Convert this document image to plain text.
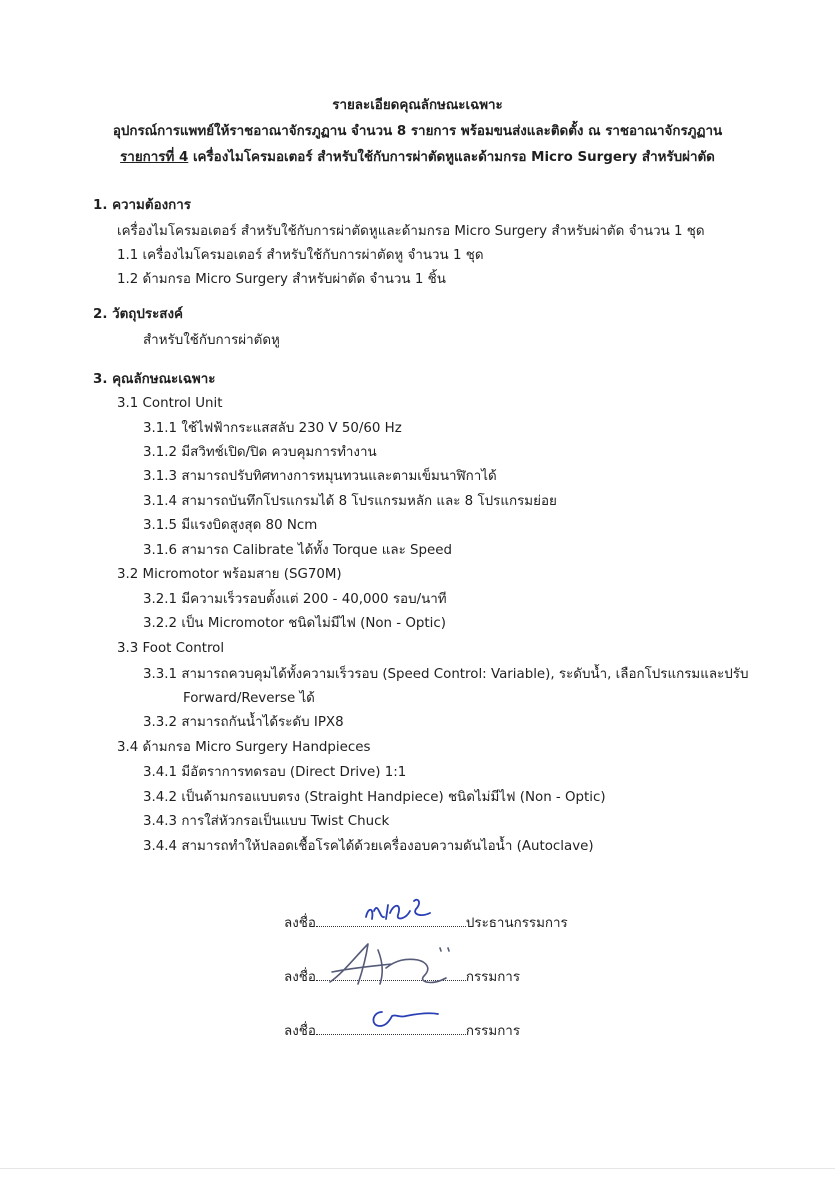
รายละเอียดคุณลักษณะเฉพาะ
อุปกรณ์การแพทย์ให้ราชอาณาจักรภูฏาน จำนวน 8 รายการ พร้อมขนส่งและติดตั้ง ณ ราชอาณาจักรภูฏาน
รายการที่ 4 เครื่องไมโครมอเตอร์ สำหรับใช้กับการผ่าตัดหูและด้ามกรอ Micro Surgery สำหรับผ่าตัด
1. ความต้องการ
เครื่องไมโครมอเตอร์ สำหรับใช้กับการผ่าตัดหูและด้ามกรอ Micro Surgery สำหรับผ่าตัด จำนวน 1 ชุด
1.1 เครื่องไมโครมอเตอร์ สำหรับใช้กับการผ่าตัดหู จำนวน 1 ชุด
1.2 ด้ามกรอ Micro Surgery สำหรับผ่าตัด จำนวน 1 ชิ้น
2. วัตถุประสงค์
สำหรับใช้กับการผ่าตัดหู
3. คุณลักษณะเฉพาะ
3.1 Control Unit
3.1.1 ใช้ไฟฟ้ากระแสสลับ 230 V 50/60 Hz
3.1.2 มีสวิทช์เปิด/ปิด ควบคุมการทำงาน
3.1.3 สามารถปรับทิศทางการหมุนทวนและตามเข็มนาฬิกาได้
3.1.4 สามารถบันทึกโปรแกรมได้ 8 โปรแกรมหลัก และ 8 โปรแกรมย่อย
3.1.5 มีแรงบิดสูงสุด 80 Ncm
3.1.6 สามารถ Calibrate ได้ทั้ง Torque และ Speed
3.2 Micromotor พร้อมสาย (SG70M)
3.2.1 มีความเร็วรอบตั้งแต่ 200 - 40,000 รอบ/นาที
3.2.2 เป็น Micromotor ชนิดไม่มีไฟ (Non - Optic)
3.3 Foot Control
3.3.1 สามารถควบคุมได้ทั้งความเร็วรอบ (Speed Control: Variable), ระดับน้ำ, เลือกโปรแกรมและปรับ
Forward/Reverse ได้
3.3.2 สามารถกันน้ำได้ระดับ IPX8
3.4 ด้ามกรอ Micro Surgery Handpieces
3.4.1 มีอัตราการทดรอบ (Direct Drive) 1:1
3.4.2 เป็นด้ามกรอแบบตรง (Straight Handpiece) ชนิดไม่มีไฟ (Non - Optic)
3.4.3 การใส่หัวกรอเป็นแบบ Twist Chuck
3.4.4 สามารถทำให้ปลอดเชื้อโรคได้ด้วยเครื่องอบความดันไอน้ำ (Autoclave)
ลงชื่อ	ประธานกรรมการ
ลงชื่อ	กรรมการ
ลงชื่อ	กรรมการ
